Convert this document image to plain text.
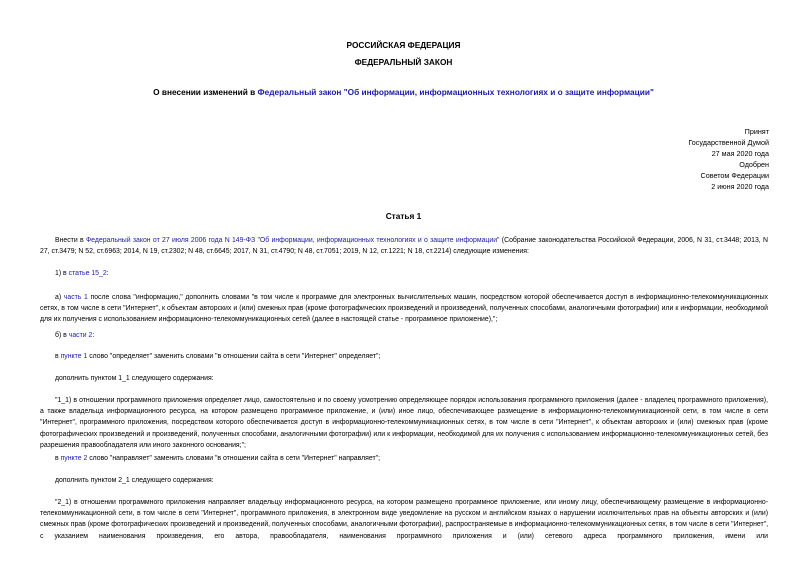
РОССИЙСКАЯ ФЕДЕРАЦИЯ
ФЕДЕРАЛЬНЫЙ ЗАКОН
О внесении изменений в Федеральный закон "Об информации, информационных технологиях и о защите информации"
Принят
Государственной Думой
27 мая 2020 года
Одобрен
Советом Федерации
2 июня 2020 года
Статья 1
Внести в Федеральный закон от 27 июля 2006 года N 149-ФЗ "Об информации, информационных технологиях и о защите информации" (Собрание законодательства Российской Федерации, 2006, N 31, ст.3448; 2013, N 27, ст.3479; N 52, ст.6963; 2014, N 19, ст.2302; N 48, ст.6645; 2017, N 31, ст.4790; N 48, ст.7051; 2019, N 12, ст.1221; N 18, ст.2214) следующие изменения:
1) в статье 15_2:
а) часть 1 после слова "информацию," дополнить словами "в том числе к программе для электронных вычислительных машин, посредством которой обеспечивается доступ в информационно-телекоммуникационных сетях, в том числе в сети "Интернет", к объектам авторских и (или) смежных прав (кроме фотографических произведений и произведений, полученных способами, аналогичными фотографии) или к информации, необходимой для их получения с использованием информационно-телекоммуникационных сетей (далее в настоящей статье - программное приложение),";
б) в части 2:
в пункте 1 слово "определяет" заменить словами "в отношении сайта в сети "Интернет" определяет";
дополнить пунктом 1_1 следующего содержания:
"1_1) в отношении программного приложения определяет лицо, самостоятельно и по своему усмотрению определяющее порядок использования программного приложения (далее - владелец программного приложения), а также владельца информационного ресурса, на котором размещено программное приложение, и (или) иное лицо, обеспечивающее размещение в информационно-телекоммуникационной сети, в том числе в сети "Интернет", программного приложения, посредством которого обеспечивается доступ в информационно-телекоммуникационных сетях, в том числе в сети "Интернет", к объектам авторских и (или) смежных прав (кроме фотографических произведений и произведений, полученных способами, аналогичными фотографии) или к информации, необходимой для их получения с использованием информационно-телекоммуникационных сетей, без разрешения правообладателя или иного законного основания;";
в пункте 2 слово "направляет" заменить словами "в отношении сайта в сети "Интернет" направляет";
дополнить пунктом 2_1 следующего содержания:
"2_1) в отношении программного приложения направляет владельцу информационного ресурса, на котором размещено программное приложение, или иному лицу, обеспечивающему размещение в информационно-телекоммуникационной сети, в том числе в сети "Интернет", программного приложения, в электронном виде уведомление на русском и английском языках о нарушении исключительных прав на объекты авторских и (или) смежных прав (кроме фотографических произведений и произведений, полученных способами, аналогичными фотографии), распространяемые в информационно-телекоммуникационных сетях, в том числе в сети "Интернет", с указанием наименования произведения, его автора, правообладателя, наименования программного приложения и (или) сетевого адреса программного приложения, имени или
